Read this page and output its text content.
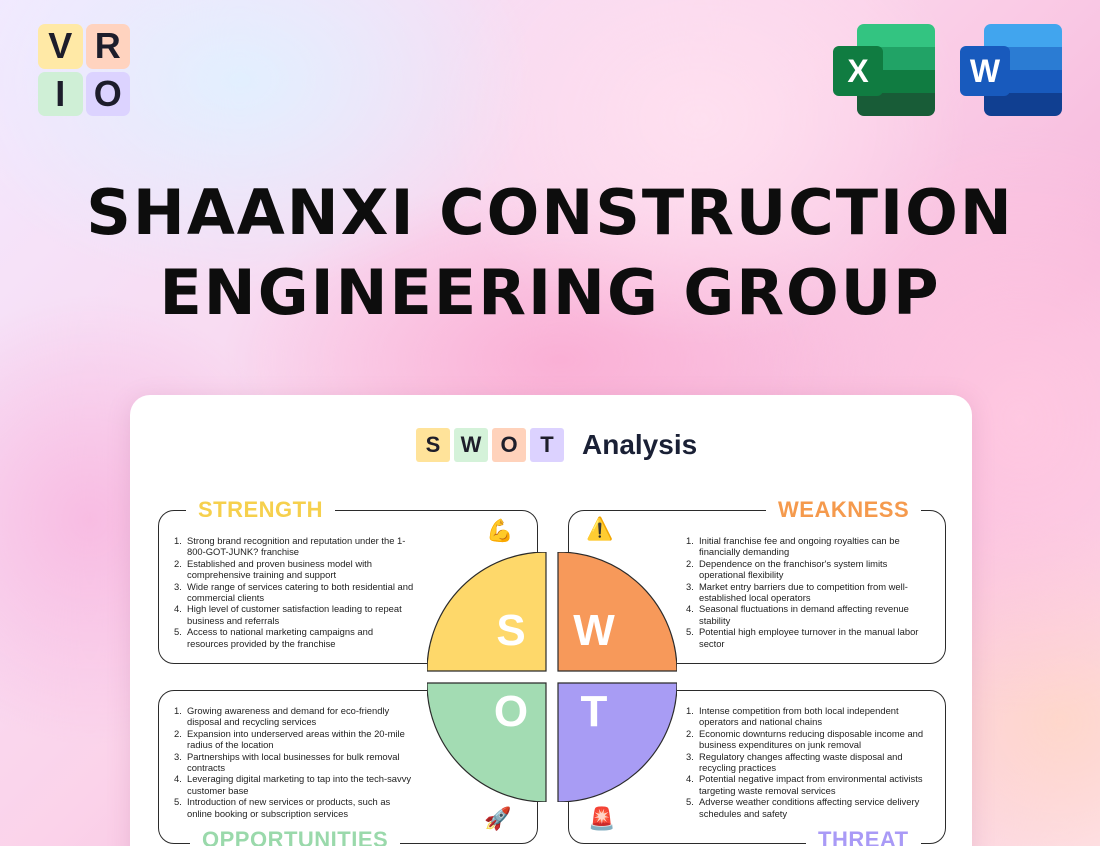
V R
I O
X	W
SHAANXI CONSTRUCTION
ENGINEERING GROUP
S W O	T	Analysis
S W
O T
STRENGTH	WEAKNESS
OPPORTUNITIES	THREAT
💪	⚠️
🚀	🚨
1. Strong brand recognition and reputation under the 1-800-GOT-JUNK? franchise
2. Established and proven business model with comprehensive training and support
3. Wide range of services catering to both residential and commercial clients
4. High level of customer satisfaction leading to repeat business and referrals
5. Access to national marketing campaigns and resources provided by the franchise
1. Initial franchise fee and ongoing royalties can be financially demanding
2. Dependence on the franchisor's system limits operational flexibility
3. Market entry barriers due to competition from well-established local operators
4. Seasonal fluctuations in demand affecting revenue stability
5. Potential high employee turnover in the manual labor sector
1. Growing awareness and demand for eco-friendly disposal and recycling services
2. Expansion into underserved areas within the 20-mile radius of the location
3. Partnerships with local businesses for bulk removal contracts
4. Leveraging digital marketing to tap into the tech-savvy customer base
5. Introduction of new services or products, such as online booking or subscription services
1. Intense competition from both local independent operators and national chains
2. Economic downturns reducing disposable income and business expenditures on junk removal
3. Regulatory changes affecting waste disposal and recycling practices
4. Potential negative impact from environmental activists targeting waste removal services
5. Adverse weather conditions affecting service delivery schedules and safety
